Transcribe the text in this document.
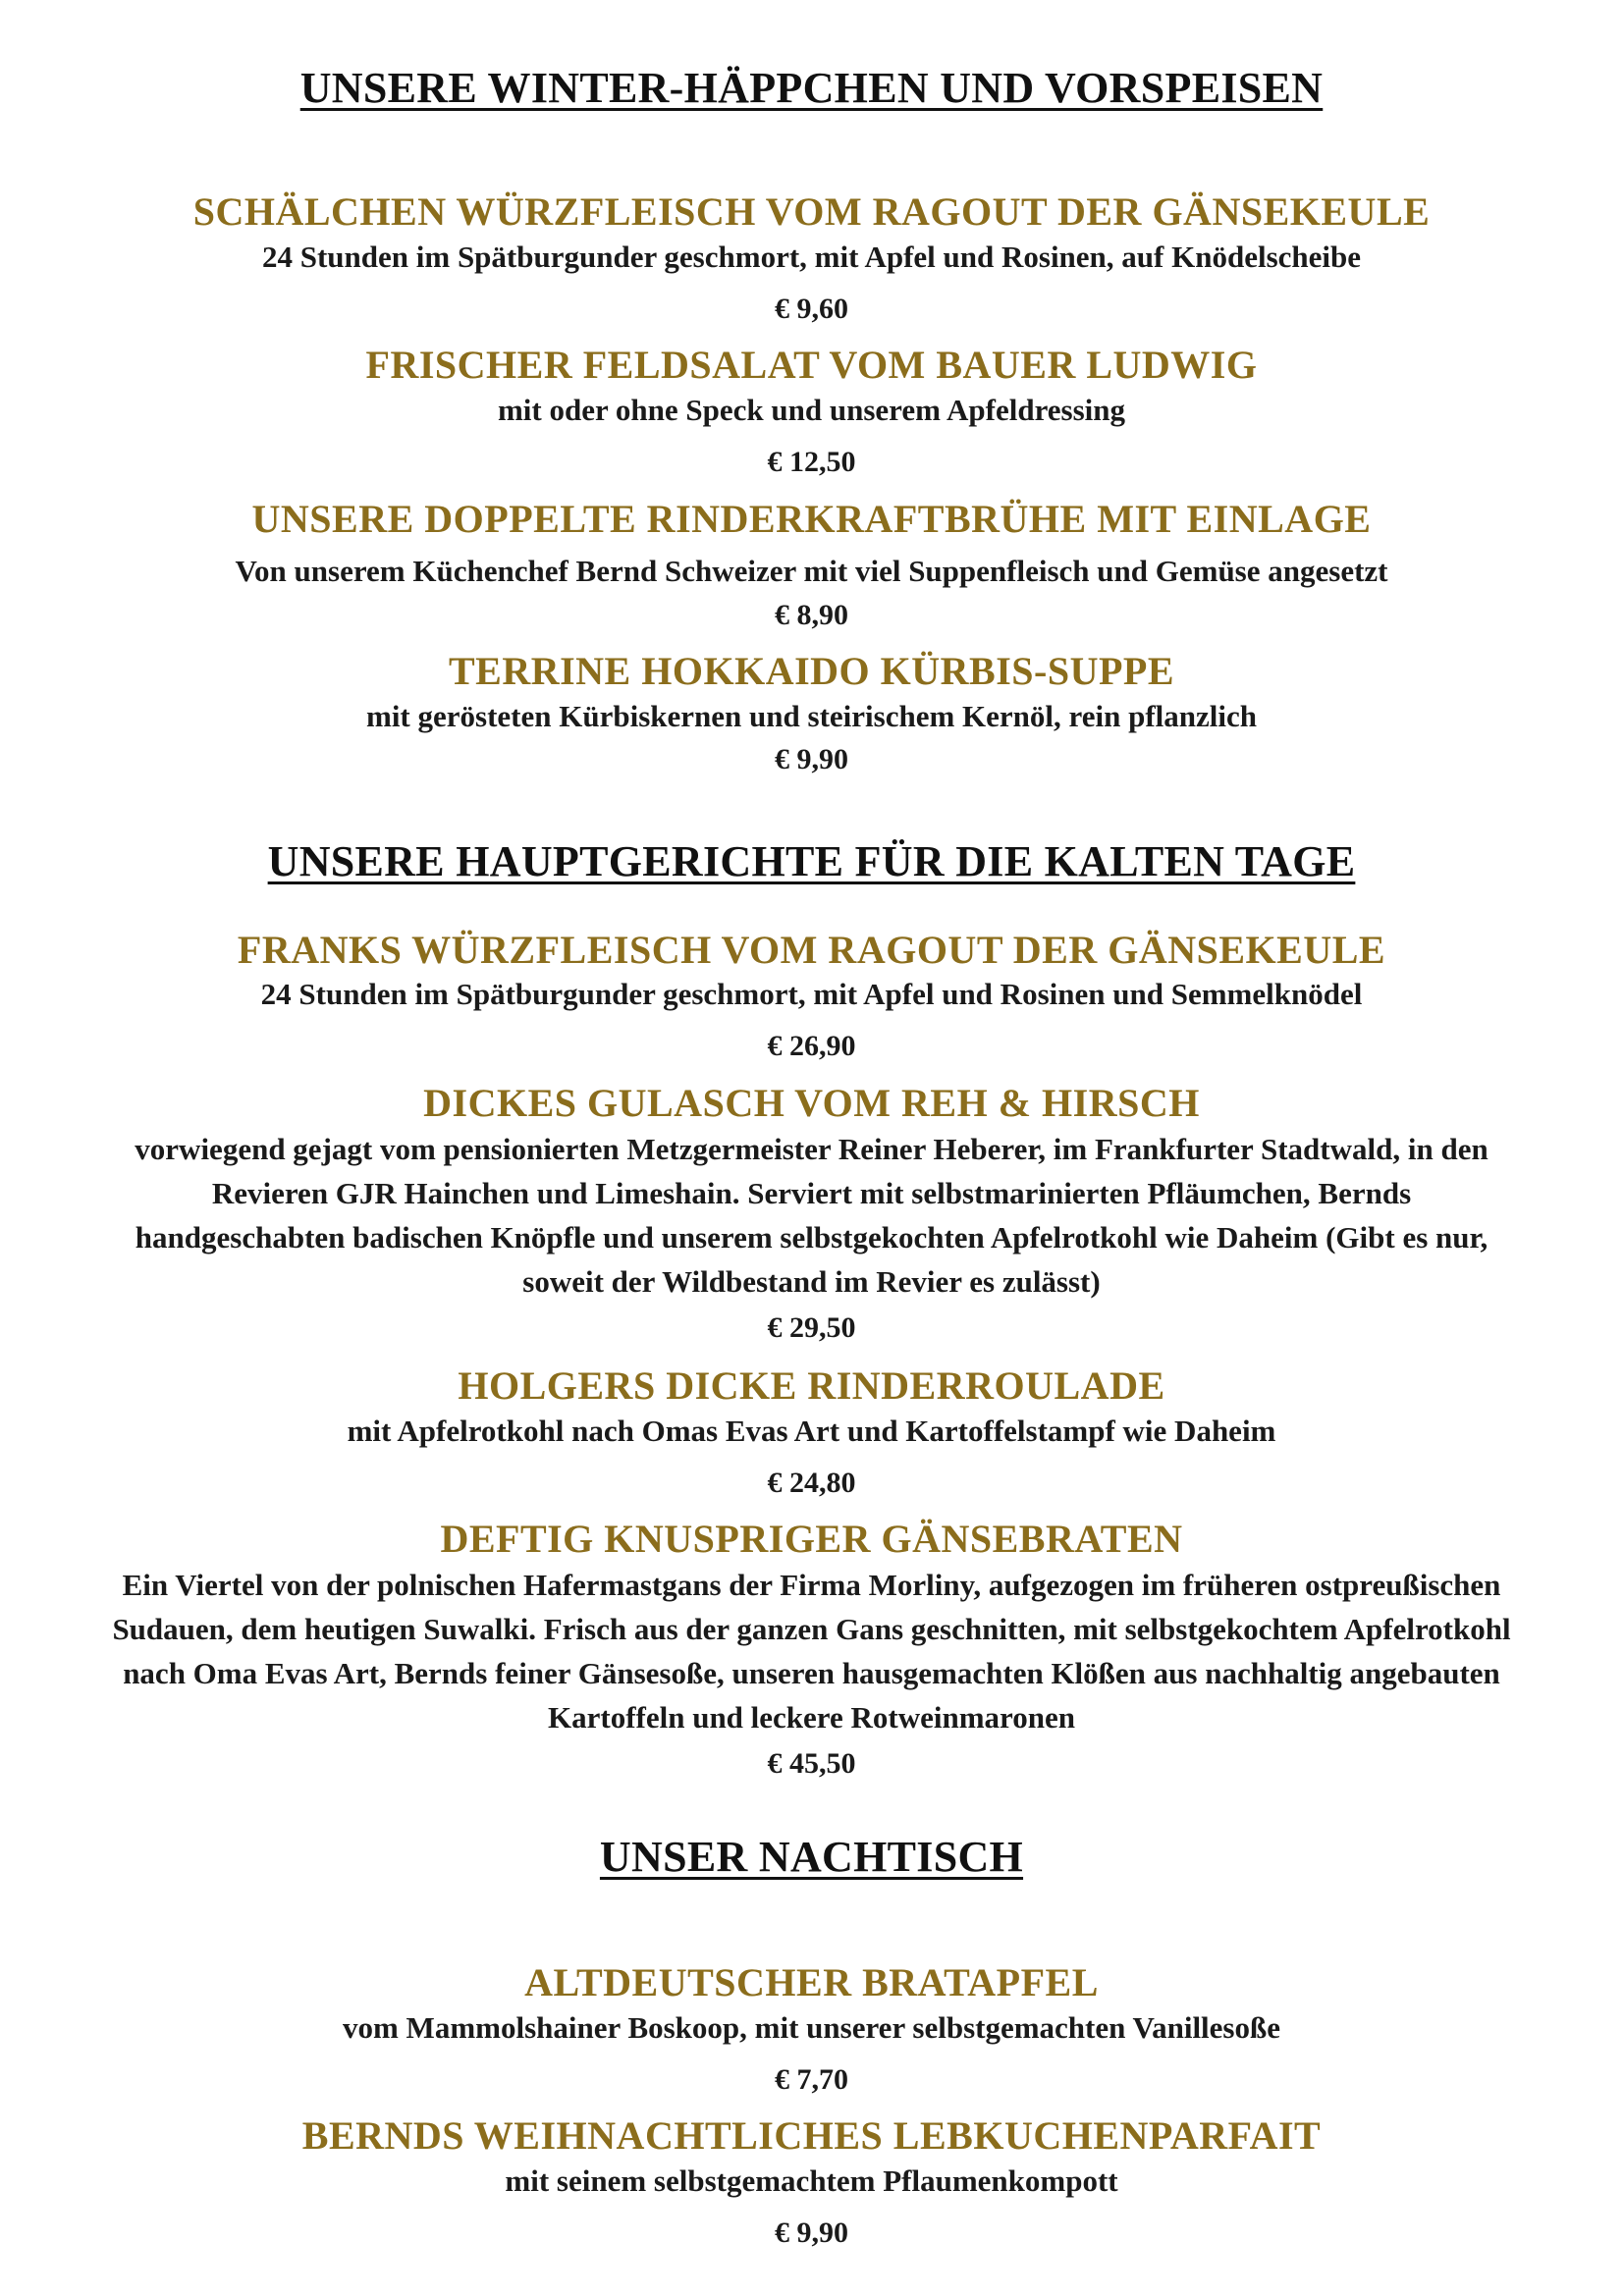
UNSERE WINTER-HÄPPCHEN UND VORSPEISEN
SCHÄLCHEN WÜRZFLEISCH VOM RAGOUT DER GÄNSEKEULE
24 Stunden im Spätburgunder geschmort, mit Apfel und Rosinen, auf Knödelscheibe
€ 9,60
FRISCHER FELDSALAT VOM BAUER LUDWIG
mit oder ohne Speck und unserem Apfeldressing
€ 12,50
UNSERE DOPPELTE RINDERKRAFTBRÜHE MIT EINLAGE
Von unserem Küchenchef Bernd Schweizer mit viel Suppenfleisch und Gemüse angesetzt
€ 8,90
TERRINE HOKKAIDO KÜRBIS-SUPPE
mit gerösteten Kürbiskernen und steirischem Kernöl, rein pflanzlich
€ 9,90
UNSERE HAUPTGERICHTE FÜR DIE KALTEN TAGE
FRANKS WÜRZFLEISCH VOM RAGOUT DER GÄNSEKEULE
24 Stunden im Spätburgunder geschmort, mit Apfel und Rosinen und Semmelknödel
€ 26,90
DICKES GULASCH VOM REH & HIRSCH
vorwiegend gejagt vom pensionierten Metzgermeister Reiner Heberer, im Frankfurter Stadtwald, in den Revieren GJR Hainchen und Limeshain. Serviert mit selbstmarinierten Pfläumchen, Bernds handgeschabten badischen Knöpfle und unserem selbstgekochten Apfelrotkohl wie Daheim (Gibt es nur, soweit der Wildbestand im Revier es zulässt)
€ 29,50
HOLGERS DICKE RINDERROULADE
mit Apfelrotkohl nach Omas Evas Art und Kartoffelstampf wie Daheim
€ 24,80
DEFTIG KNUSPRIGER GÄNSEBRATEN
Ein Viertel von der polnischen Hafermastgans der Firma Morliny, aufgezogen im früheren ostpreußischen Sudauen, dem heutigen Suwalki. Frisch aus der ganzen Gans geschnitten, mit selbstgekochtem Apfelrotkohl nach Oma Evas Art, Bernds feiner Gänsesoße, unseren hausgemachten Klößen aus nachhaltig angebauten Kartoffeln und leckere Rotweinmaronen
€ 45,50
UNSER NACHTISCH
ALTDEUTSCHER BRATAPFEL
vom Mammolshainer Boskoop, mit unserer selbstgemachten Vanillesoße
€ 7,70
BERNDS WEIHNACHTLICHES LEBKUCHENPARFAIT
mit seinem selbstgemachtem Pflaumenkompott
€ 9,90
